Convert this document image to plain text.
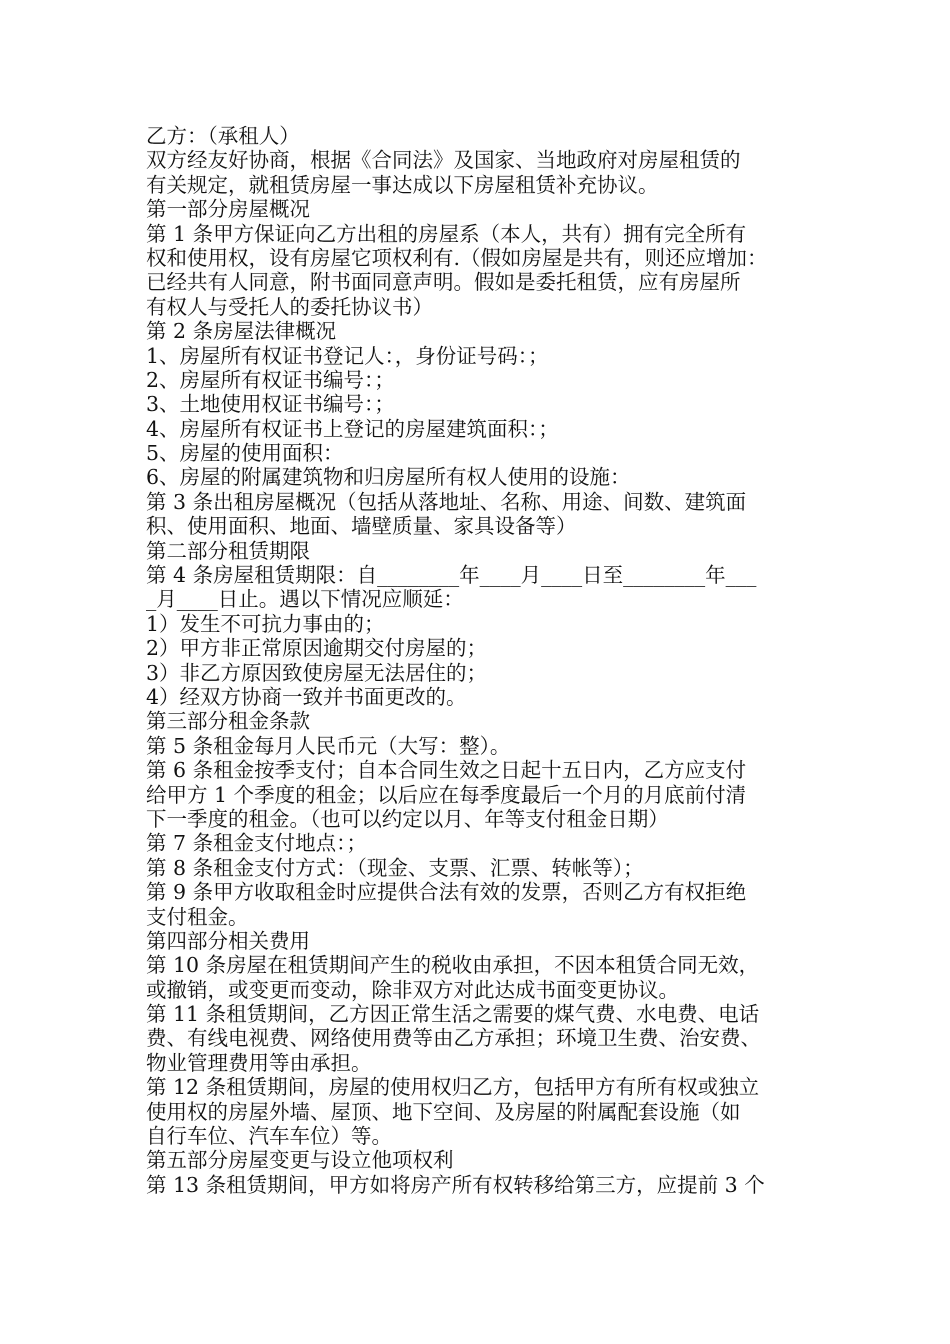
乙方：（承租人）
双方经友好协商，根据《合同法》及国家、当地政府对房屋租赁的
有关规定，就租赁房屋一事达成以下房屋租赁补充协议。
第一部分房屋概况
第 1 条甲方保证向乙方出租的房屋系（本人，共有）拥有完全所有
权和使用权，设有房屋它项权利有.（假如房屋是共有，则还应增加：
已经共有人同意，附书面同意声明。假如是委托租赁，应有房屋所
有权人与受托人的委托协议书）
第 2 条房屋法律概况
1、房屋所有权证书登记人：，身份证号码：；
2、房屋所有权证书编号：；
3、土地使用权证书编号：；
4、房屋所有权证书上登记的房屋建筑面积：；
5、房屋的使用面积：
6、房屋的附属建筑物和归房屋所有权人使用的设施：
第 3 条出租房屋概况（包括从落地址、名称、用途、间数、建筑面
积、使用面积、地面、墙壁质量、家具设备等）
第二部分租赁期限
第 4 条房屋租赁期限：自________年____月____日至________年___
_月____日止。遇以下情况应顺延：
1）发生不可抗力事由的；
2）甲方非正常原因逾期交付房屋的；
3）非乙方原因致使房屋无法居住的；
4）经双方协商一致并书面更改的。
第三部分租金条款
第 5 条租金每月人民币元（大写：整）。
第 6 条租金按季支付；自本合同生效之日起十五日内，乙方应支付
给甲方 1 个季度的租金；以后应在每季度最后一个月的月底前付清
下一季度的租金。（也可以约定以月、年等支付租金日期）
第 7 条租金支付地点：；
第 8 条租金支付方式：（现金、支票、汇票、转帐等）；
第 9 条甲方收取租金时应提供合法有效的发票，否则乙方有权拒绝
支付租金。
第四部分相关费用
第 10 条房屋在租赁期间产生的税收由承担，不因本租赁合同无效，
或撤销，或变更而变动，除非双方对此达成书面变更协议。
第 11 条租赁期间，乙方因正常生活之需要的煤气费、水电费、电话
费、有线电视费、网络使用费等由乙方承担；环境卫生费、治安费、
物业管理费用等由承担。
第 12 条租赁期间，房屋的使用权归乙方，包括甲方有所有权或独立
使用权的房屋外墙、屋顶、地下空间、及房屋的附属配套设施（如
自行车位、汽车车位）等。
第五部分房屋变更与设立他项权利
第 13 条租赁期间，甲方如将房产所有权转移给第三方，应提前 3 个
